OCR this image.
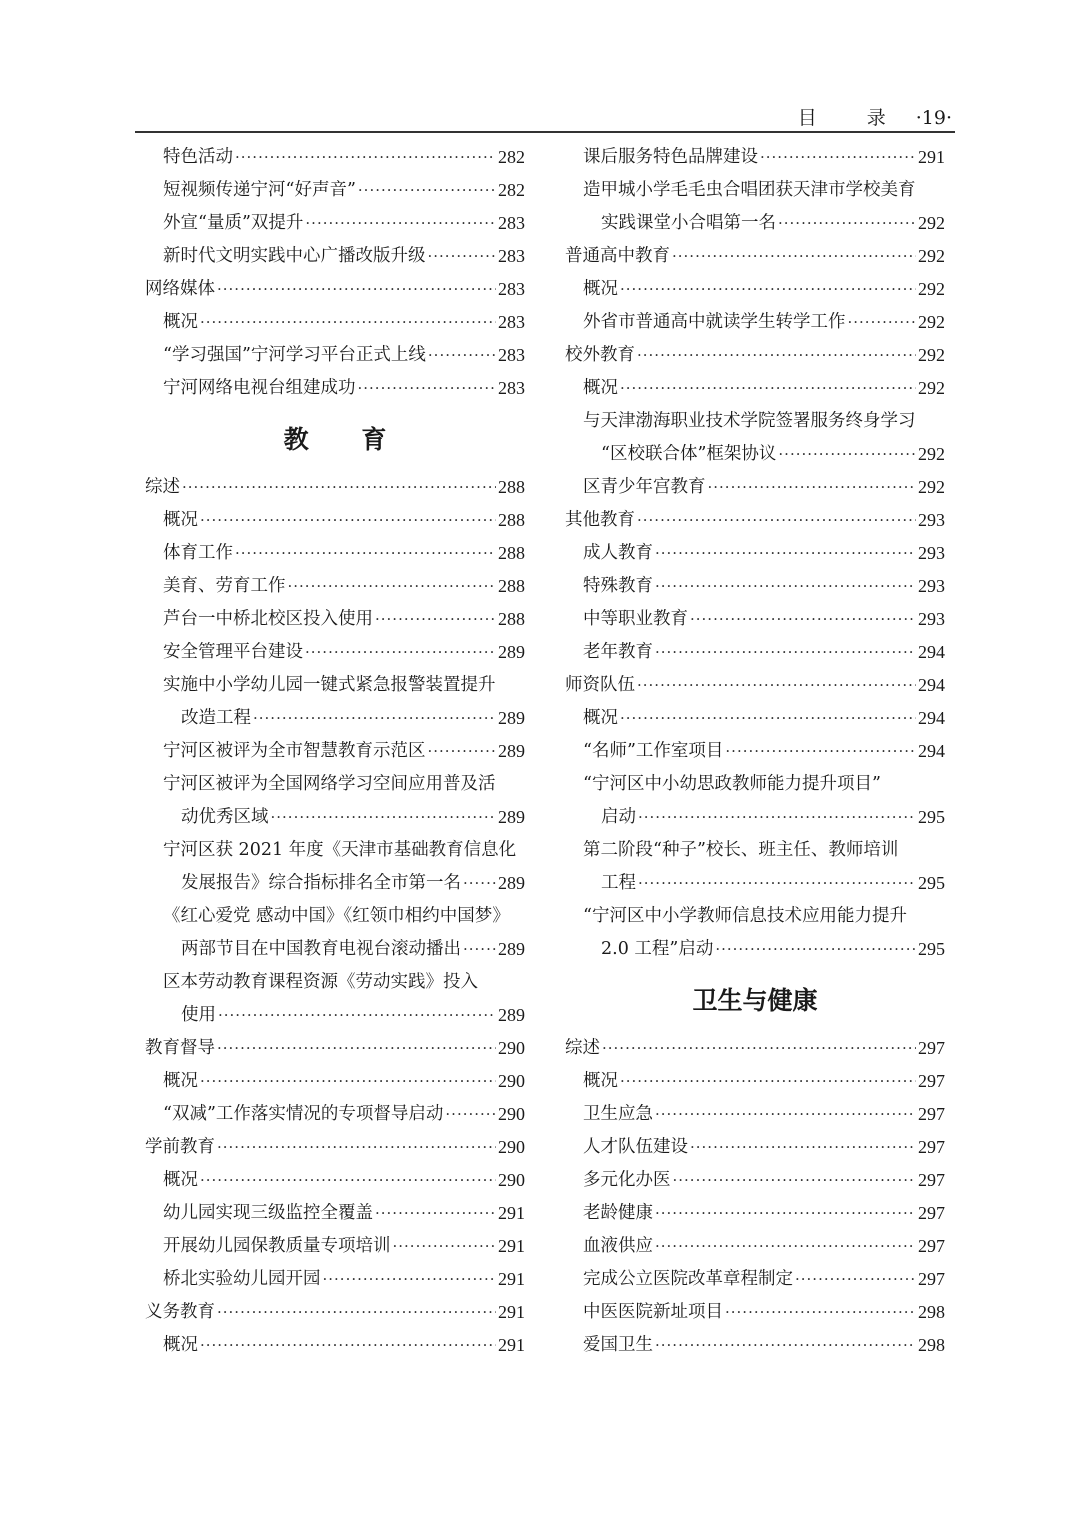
目 录 ·19·
特色活动 ·····	282
短视频传递宁河“好声音” ·····	282
外宣“量质”双提升 ·····	283
新时代文明实践中心广播改版升级 ·····	283
网络媒体 ·····	283
概况 ·····	283
“学习强国”宁河学习平台正式上线 ·····	283
宁河网络电视台组建成功 ·····	283
教 育
综述 ·····	288
概况 ·····	288
体育工作 ·····	288
美育、劳育工作 ·····	288
芦台一中桥北校区投入使用 ·····	288
安全管理平台建设 ·····	289
实施中小学幼儿园一键式紧急报警装置提升
改造工程 ·····	289
宁河区被评为全市智慧教育示范区 ·····	289
宁河区被评为全国网络学习空间应用普及活
动优秀区域 ·····	289
宁河区获 2021 年度《天津市基础教育信息化
发展报告》综合指标排名全市第一名 ····· 289
《红心爱党 感动中国》《红领巾相约中国梦》
两部节目在中国教育电视台滚动播出 ····· 289
区本劳动教育课程资源《劳动实践》投入
使用 ·····	289
教育督导 ·····	290
概况 ·····	290
“双减”工作落实情况的专项督导启动 ·····	290
学前教育 ·····	290
概况 ·····	290
幼儿园实现三级监控全覆盖 ·····	291
开展幼儿园保教质量专项培训 ·····	291
桥北实验幼儿园开园 ·····	291
义务教育 ·····	291
概况 ·····	291
课后服务特色品牌建设 ·····	291
造甲城小学毛毛虫合唱团获天津市学校美育
实践课堂小合唱第一名 ·····	292
普通高中教育 ·····	292
概况 ·····	292
外省市普通高中就读学生转学工作 ·····	292
校外教育 ·····	292
概况 ·····	292
与天津渤海职业技术学院签署服务终身学习
“区校联合体”框架协议 ·····	292
区青少年宫教育 ·····	292
其他教育 ·····	293
成人教育 ·····	293
特殊教育 ·····	293
中等职业教育 ·····	293
老年教育 ·····	294
师资队伍 ·····	294
概况 ·····	294
“名师”工作室项目 ·····	294
“宁河区中小幼思政教师能力提升项目”
启动 ·····	295
第二阶段“种子”校长、班主任、教师培训
工程 ·····	295
“宁河区中小学教师信息技术应用能力提升
2.0 工程”启动 ·····	295
卫生与健康
综述 ·····	297
概况 ·····	297
卫生应急 ·····	297
人才队伍建设 ·····	297
多元化办医 ·····	297
老龄健康 ·····	297
血液供应 ·····	297
完成公立医院改革章程制定 ·····	297
中医医院新址项目 ·····	298
爱国卫生 ·····	298
